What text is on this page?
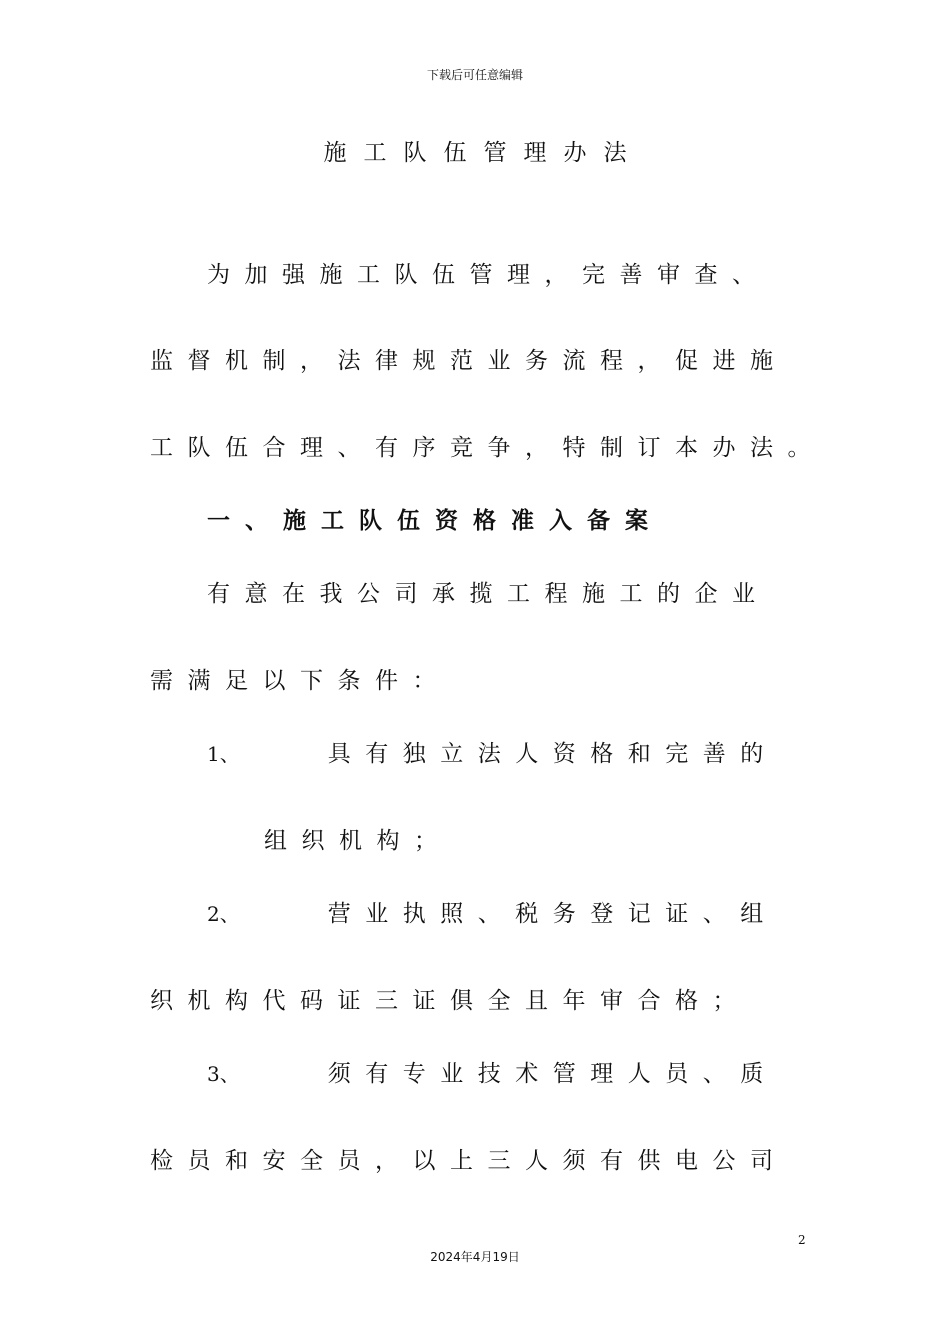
下载后可任意编辑
施工队伍管理办法
为加强施工队伍管理，完善审查、
监督机制，法律规范业务流程，促进施
工队伍合理、有序竞争，特制订本办法。
一、施工队伍资格准入备案
有意在我公司承揽工程施工的企业
需满足以下条件：
1、	具有独立法人资格和完善的
组织机构；
2、	营业执照、税务登记证、组
织机构代码证三证俱全且年审合格；
3、	须有专业技术管理人员、质
检员和安全员，以上三人须有供电公司
2
2024年4月19日
